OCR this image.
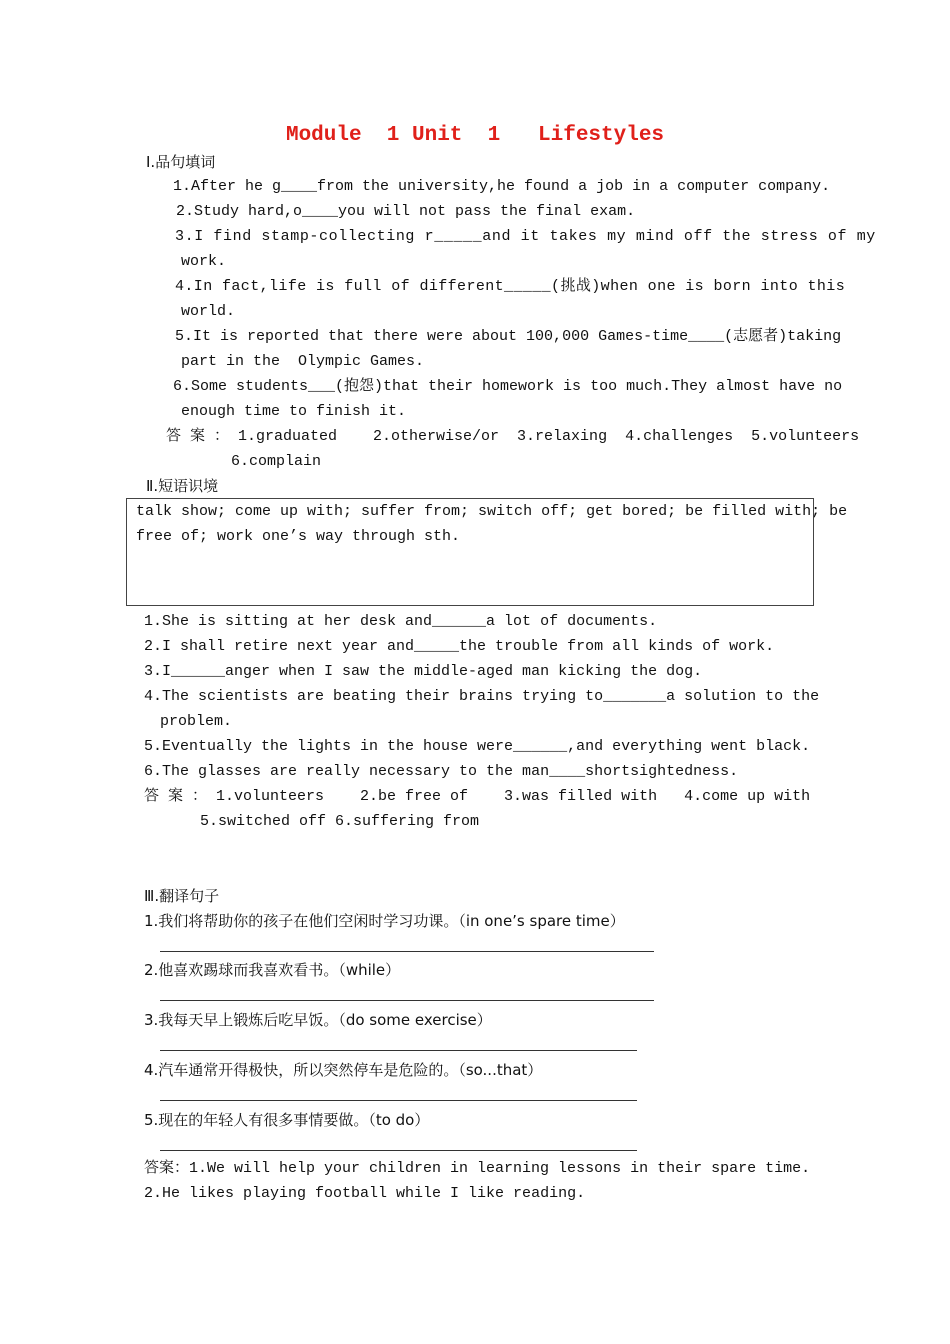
Module  1 Unit  1   Lifestyles
Ⅰ.品句填词
1.After he g____from the university,he found a job in a computer company.
2.Study hard,o____you will not pass the final exam.
3.I find stamp-collecting r_____and it takes my mind off the stress of my
work.
4.In fact,life is full of different_____(挑战)when one is born into this
world.
5.It is reported that there were about 100,000 Games-time____(志愿者)taking
part in the  Olympic Games.
6.Some students___(抱怨)that their homework is too much.They almost have no
enough time to finish it.
答 案 ： 1.graduated    2.otherwise/or  3.relaxing  4.challenges  5.volunteers
6.complain
Ⅱ.短语识境
talk show; come up with; suffer from; switch off; get bored; be filled with; be
free of; work one’s way through sth.
1.She is sitting at her desk and______a lot of documents.
2.I shall retire next year and_____the trouble from all kinds of work.
3.I______anger when I saw the middle-aged man kicking the dog.
4.The scientists are beating their brains trying to_______a solution to the
problem.
5.Eventually the lights in the house were______,and everything went black.
6.The glasses are really necessary to the man____shortsightedness.
答 案 ： 1.volunteers    2.be free of    3.was filled with   4.come up with
5.switched off 6.suffering from
Ⅲ.翻译句子
1.我们将帮助你的孩子在他们空闲时学习功课。（in one’s spare time）
2.他喜欢踢球而我喜欢看书。（while）
3.我每天早上锻炼后吃早饭。（do some exercise）
4.汽车通常开得极快，所以突然停车是危险的。（so...that）
5.现在的年轻人有很多事情要做。（to do）
答案：1.We will help your children in learning lessons in their spare time.
2.He likes playing football while I like reading.
